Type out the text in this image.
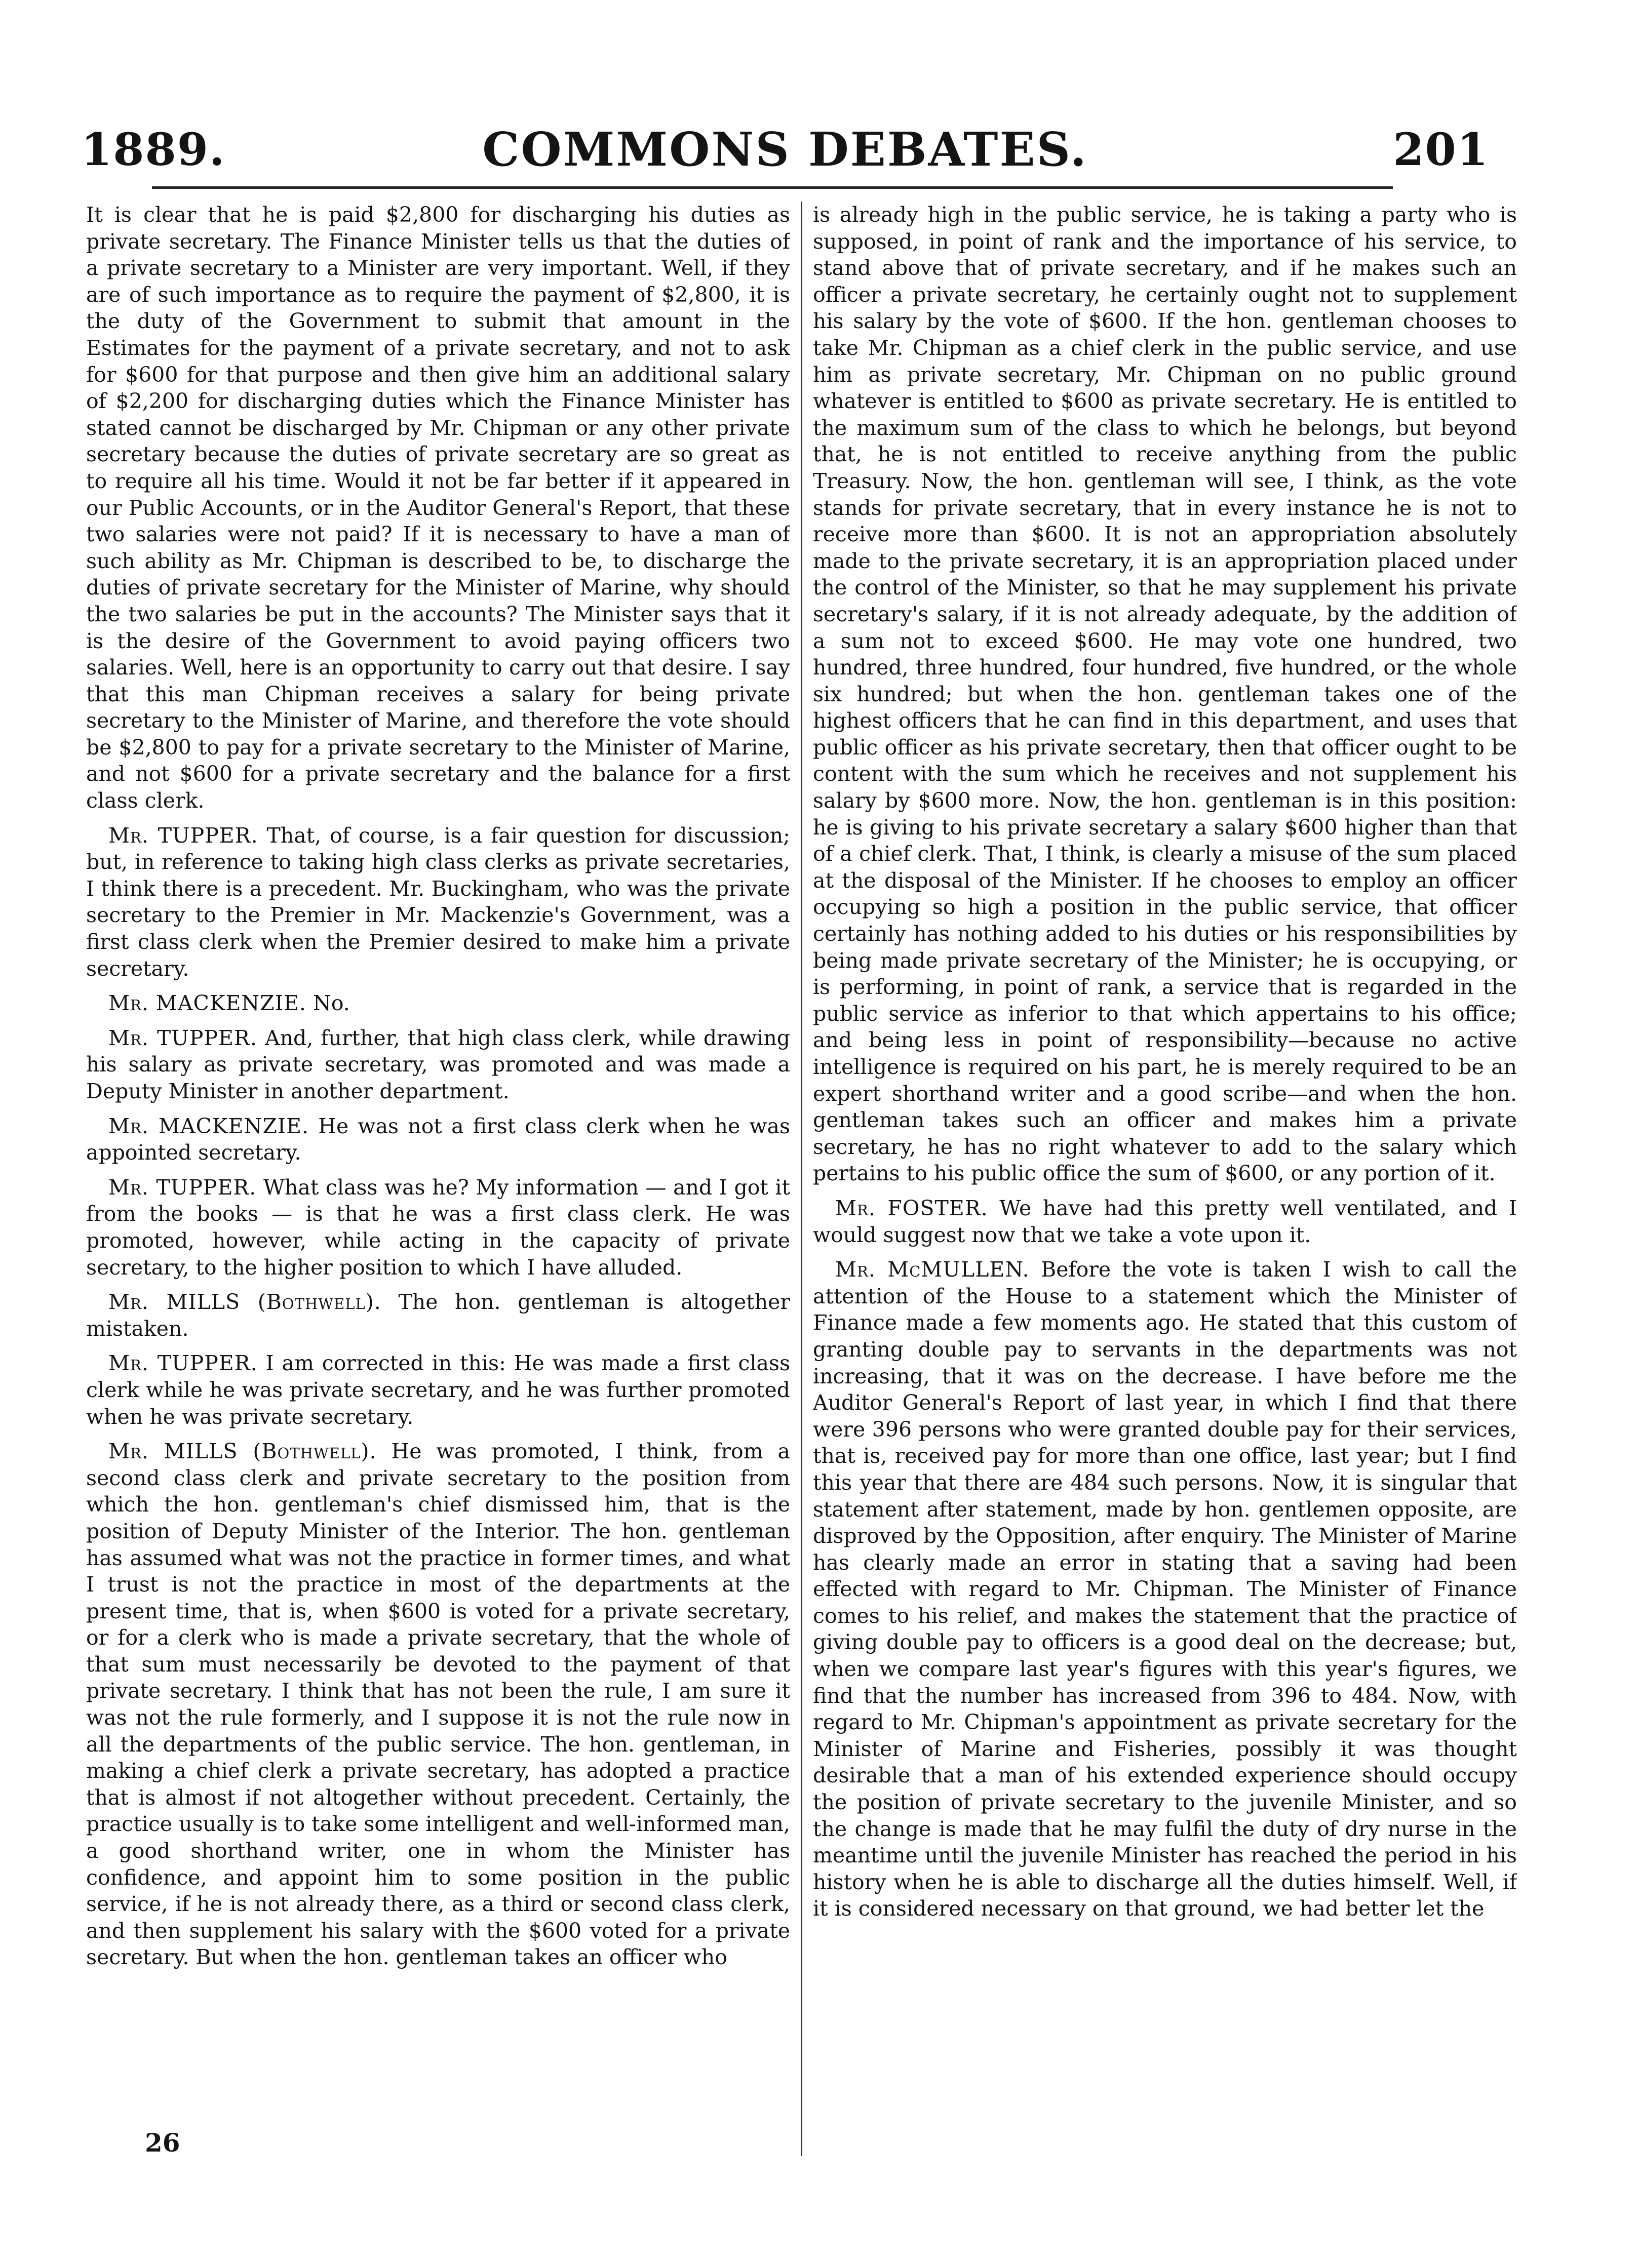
1889.	COMMONS DEBATES.	201

It is clear that he is paid $2,800 for discharging his duties as private secretary. The Finance Minister tells us that the duties of a private secretary to a Minister are very important. Well, if they are of such importance as to require the payment of $2,800, it is the duty of the Government to submit that amount in the Estimates for the payment of a private secretary, and not to ask for $600 for that purpose and then give him an additional salary of $2,200 for discharging duties which the Finance Minister has stated cannot be discharged by Mr. Chipman or any other private secretary because the duties of private secretary are so great as to require all his time. Would it not be far better if it appeared in our Public Accounts, or in the Auditor General's Report, that these two salaries were not paid? If it is necessary to have a man of such ability as Mr. Chipman is described to be, to discharge the duties of private secretary for the Minister of Marine, why should the two salaries be put in the accounts? The Minister says that it is the desire of the Government to avoid paying officers two salaries. Well, here is an opportunity to carry out that desire. I say that this man Chipman receives a salary for being private secretary to the Minister of Marine, and therefore the vote should be $2,800 to pay for a private secretary to the Minister of Marine, and not $600 for a private secretary and the balance for a first class clerk.

Mr. TUPPER. That, of course, is a fair question for discussion; but, in reference to taking high class clerks as private secretaries, I think there is a precedent. Mr. Buckingham, who was the private secretary to the Premier in Mr. Mackenzie's Government, was a first class clerk when the Premier desired to make him a private secretary.

Mr. MACKENZIE. No.

Mr. TUPPER. And, further, that high class clerk, while drawing his salary as private secretary, was promoted and was made a Deputy Minister in another department.

Mr. MACKENZIE. He was not a first class clerk when he was appointed secretary.

Mr. TUPPER. What class was he? My information — and I got it from the books — is that he was a first class clerk. He was promoted, however, while acting in the capacity of private secretary, to the higher position to which I have alluded.

Mr. MILLS (Bothwell). The hon. gentleman is altogether mistaken.

Mr. TUPPER. I am corrected in this: He was made a first class clerk while he was private secretary, and he was further promoted when he was private secretary.

Mr. MILLS (Bothwell). He was promoted, I think, from a second class clerk and private secretary to the position from which the hon. gentleman's chief dismissed him, that is the position of Deputy Minister of the Interior. The hon. gentleman has assumed what was not the practice in former times, and what I trust is not the practice in most of the departments at the present time, that is, when $600 is voted for a private secretary, or for a clerk who is made a private secretary, that the whole of that sum must necessarily be devoted to the payment of that private secretary. I think that has not been the rule, I am sure it was not the rule formerly, and I suppose it is not the rule now in all the departments of the public service. The hon. gentleman, in making a chief clerk a private secretary, has adopted a practice that is almost if not altogether without precedent. Certainly, the practice usually is to take some intelligent and well-informed man, a good shorthand writer, one in whom the Minister has confidence, and appoint him to some position in the public service, if he is not already there, as a third or second class clerk, and then supplement his salary with the $600 voted for a private secretary. But when the hon. gentleman takes an officer who

is already high in the public service, he is taking a party who is supposed, in point of rank and the importance of his service, to stand above that of private secretary, and if he makes such an officer a private secretary, he certainly ought not to supplement his salary by the vote of $600. If the hon. gentleman chooses to take Mr. Chipman as a chief clerk in the public service, and use him as private secretary, Mr. Chipman on no public ground whatever is entitled to $600 as private secretary. He is entitled to the maximum sum of the class to which he belongs, but beyond that, he is not entitled to receive anything from the public Treasury. Now, the hon. gentleman will see, I think, as the vote stands for private secretary, that in every instance he is not to receive more than $600. It is not an appropriation absolutely made to the private secretary, it is an appropriation placed under the control of the Minister, so that he may supplement his private secretary's salary, if it is not already adequate, by the addition of a sum not to exceed $600. He may vote one hundred, two hundred, three hundred, four hundred, five hundred, or the whole six hundred; but when the hon. gentleman takes one of the highest officers that he can find in this department, and uses that public officer as his private secretary, then that officer ought to be content with the sum which he receives and not supplement his salary by $600 more. Now, the hon. gentleman is in this position: he is giving to his private secretary a salary $600 higher than that of a chief clerk. That, I think, is clearly a misuse of the sum placed at the disposal of the Minister. If he chooses to employ an officer occupying so high a position in the public service, that officer certainly has nothing added to his duties or his responsibilities by being made private secretary of the Minister; he is occupying, or is performing, in point of rank, a service that is regarded in the public service as inferior to that which appertains to his office; and being less in point of responsibility—because no active intelligence is required on his part, he is merely required to be an expert shorthand writer and a good scribe—and when the hon. gentleman takes such an officer and makes him a private secretary, he has no right whatever to add to the salary which pertains to his public office the sum of $600, or any portion of it.

Mr. FOSTER. We have had this pretty well ventilated, and I would suggest now that we take a vote upon it.

Mr. McMULLEN. Before the vote is taken I wish to call the attention of the House to a statement which the Minister of Finance made a few moments ago. He stated that this custom of granting double pay to servants in the departments was not increasing, that it was on the decrease. I have before me the Auditor General's Report of last year, in which I find that there were 396 persons who were granted double pay for their services, that is, received pay for more than one office, last year; but I find this year that there are 484 such persons. Now, it is singular that statement after statement, made by hon. gentlemen opposite, are disproved by the Opposition, after enquiry. The Minister of Marine has clearly made an error in stating that a saving had been effected with regard to Mr. Chipman. The Minister of Finance comes to his relief, and makes the statement that the practice of giving double pay to officers is a good deal on the decrease; but, when we compare last year's figures with this year's figures, we find that the number has increased from 396 to 484. Now, with regard to Mr. Chipman's appointment as private secretary for the Minister of Marine and Fisheries, possibly it was thought desirable that a man of his extended experience should occupy the position of private secretary to the juvenile Minister, and so the change is made that he may fulfil the duty of dry nurse in the meantime until the juvenile Minister has reached the period in his history when he is able to discharge all the duties himself. Well, if it is considered necessary on that ground, we had better let the

26
